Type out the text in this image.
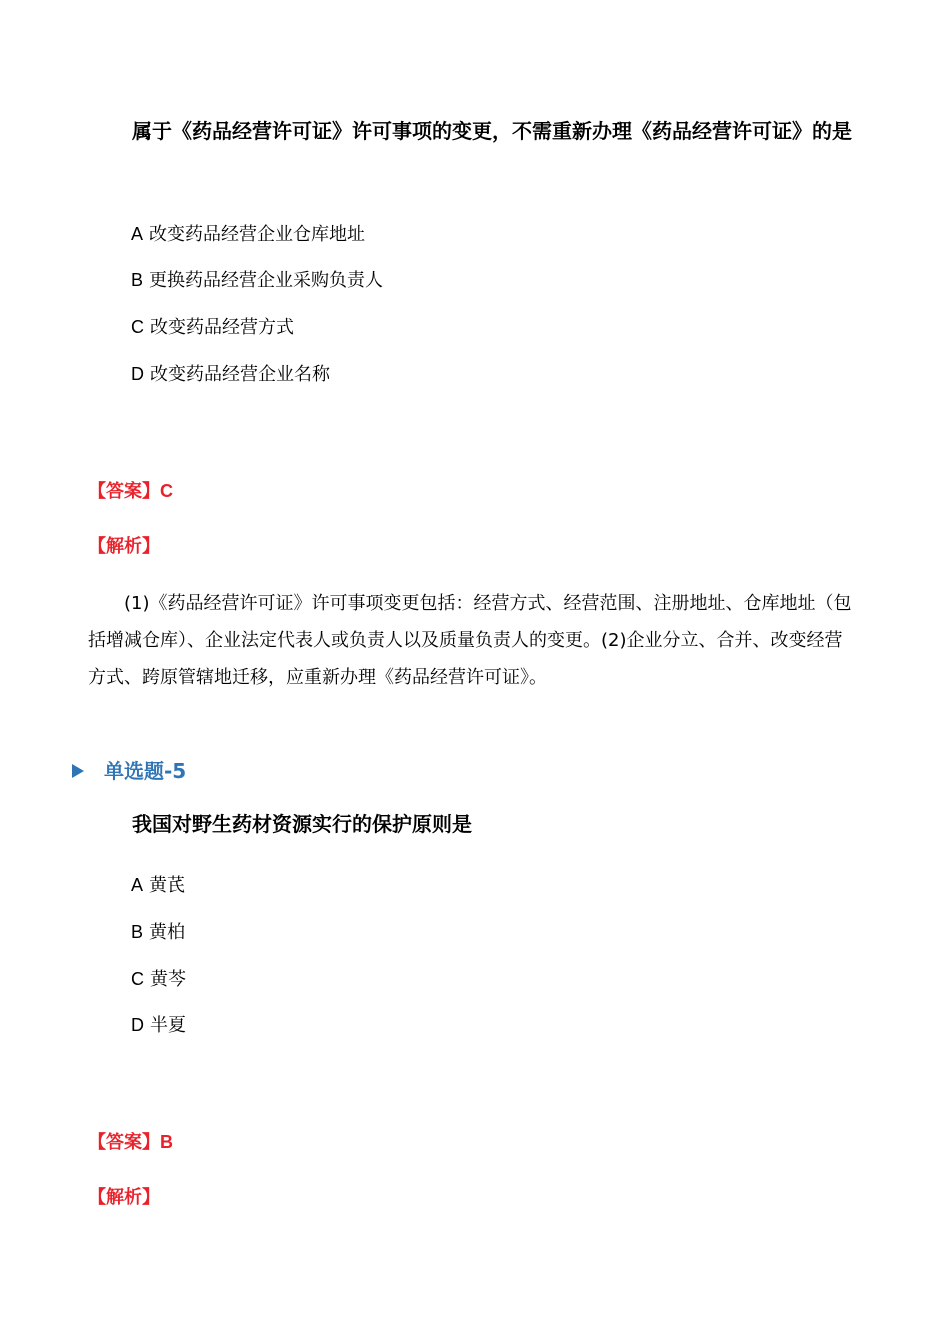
属于《药品经营许可证》许可事项的变更，不需重新办理《药品经营许可证》的是
A 改变药品经营企业仓库地址
B 更换药品经营企业采购负责人
C 改变药品经营方式
D 改变药品经营企业名称
【答案】C
【解析】
(1)《药品经营许可证》许可事项变更包括：经营方式、经营范围、注册地址、仓库地址（包括增减仓库）、企业法定代表人或负责人以及质量负责人的变更。(2)企业分立、合并、改变经营方式、跨原管辖地迁移，应重新办理《药品经营许可证》。
单选题-5
我国对野生药材资源实行的保护原则是
A 黄芪
B 黄柏
C 黄芩
D 半夏
【答案】B
【解析】
